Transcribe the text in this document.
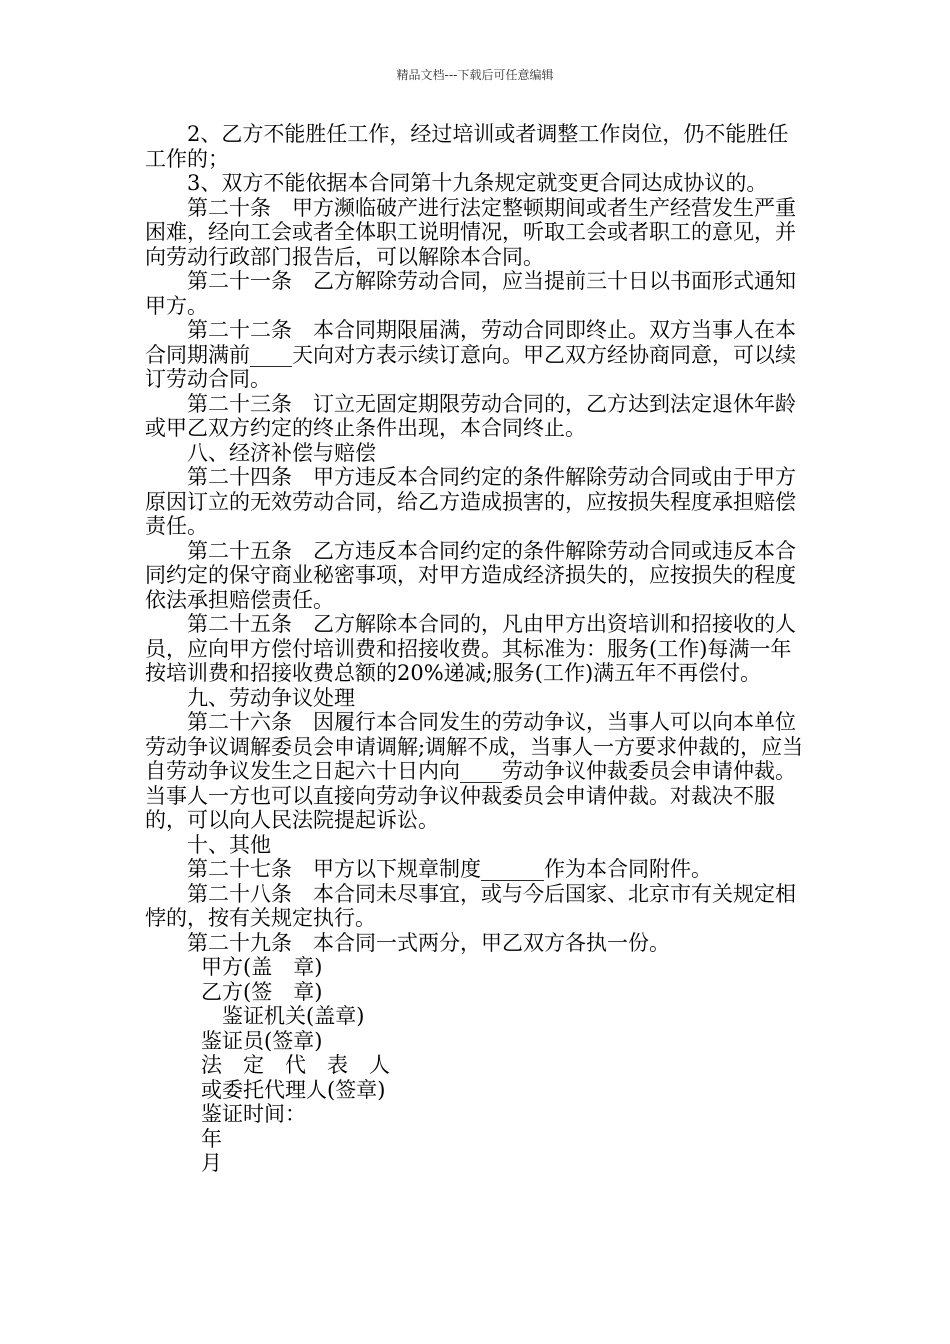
精品文档---下载后可任意编辑

2、乙方不能胜任工作，经过培训或者调整工作岗位，仍不能胜任工作的；

3、双方不能依据本合同第十九条规定就变更合同达成协议的。

第二十条　甲方濒临破产进行法定整顿期间或者生产经营发生严重困难，经向工会或者全体职工说明情况，听取工会或者职工的意见，并向劳动行政部门报告后，可以解除本合同。

第二十一条　乙方解除劳动合同，应当提前三十日以书面形式通知甲方。

第二十二条　本合同期限届满，劳动合同即终止。双方当事人在本合同期满前____天向对方表示续订意向。甲乙双方经协商同意，可以续订劳动合同。

第二十三条　订立无固定期限劳动合同的，乙方达到法定退休年龄或甲乙双方约定的终止条件出现，本合同终止。

八、经济补偿与赔偿

第二十四条　甲方违反本合同约定的条件解除劳动合同或由于甲方原因订立的无效劳动合同，给乙方造成损害的，应按损失程度承担赔偿责任。

第二十五条　乙方违反本合同约定的条件解除劳动合同或违反本合同约定的保守商业秘密事项，对甲方造成经济损失的，应按损失的程度依法承担赔偿责任。

第二十五条　乙方解除本合同的，凡由甲方出资培训和招接收的人员，应向甲方偿付培训费和招接收费。其标准为：服务(工作)每满一年按培训费和招接收费总额的20%递减;服务(工作)满五年不再偿付。

九、劳动争议处理

第二十六条　因履行本合同发生的劳动争议，当事人可以向本单位劳动争议调解委员会申请调解;调解不成，当事人一方要求仲裁的，应当自劳动争议发生之日起六十日内向____劳动争议仲裁委员会申请仲裁。当事人一方也可以直接向劳动争议仲裁委员会申请仲裁。对裁决不服的，可以向人民法院提起诉讼。

十、其他

第二十七条　甲方以下规章制度______作为本合同附件。

第二十八条　本合同未尽事宜，或与今后国家、北京市有关规定相悖的，按有关规定执行。

第二十九条　本合同一式两分，甲乙双方各执一份。

甲方(盖　章)

乙方(签　章)

鉴证机关(盖章)

鉴证员(签章)

法　定　代　表　人

或委托代理人(签章)

鉴证时间：

年

月
